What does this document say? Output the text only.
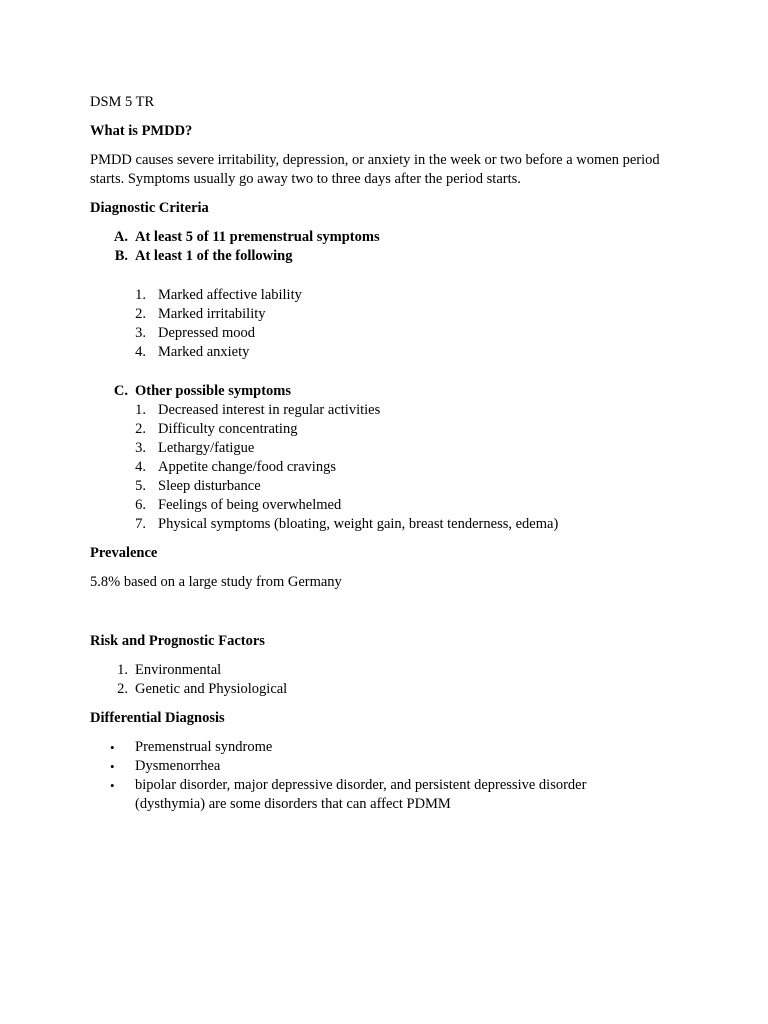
DSM 5 TR

What is PMDD?

PMDD causes severe irritability, depression, or anxiety in the week or two before a women period starts. Symptoms usually go away two to three days after the period starts.

Diagnostic Criteria

A. At least 5 of 11 premenstrual symptoms
B. At least 1 of the following
1. Marked affective lability
2. Marked irritability
3. Depressed mood
4. Marked anxiety
C. Other possible symptoms
1. Decreased interest in regular activities
2. Difficulty concentrating
3. Lethargy/fatigue
4. Appetite change/food cravings
5. Sleep disturbance
6. Feelings of being overwhelmed
7. Physical symptoms (bloating, weight gain, breast tenderness, edema)

Prevalence

5.8% based on a large study from Germany

Risk and Prognostic Factors

1. Environmental
2. Genetic and Physiological

Differential Diagnosis

•	Premenstrual syndrome
•	Dysmenorrhea
•	bipolar disorder, major depressive disorder, and persistent depressive disorder (dysthymia) are some disorders that can affect PDMM
